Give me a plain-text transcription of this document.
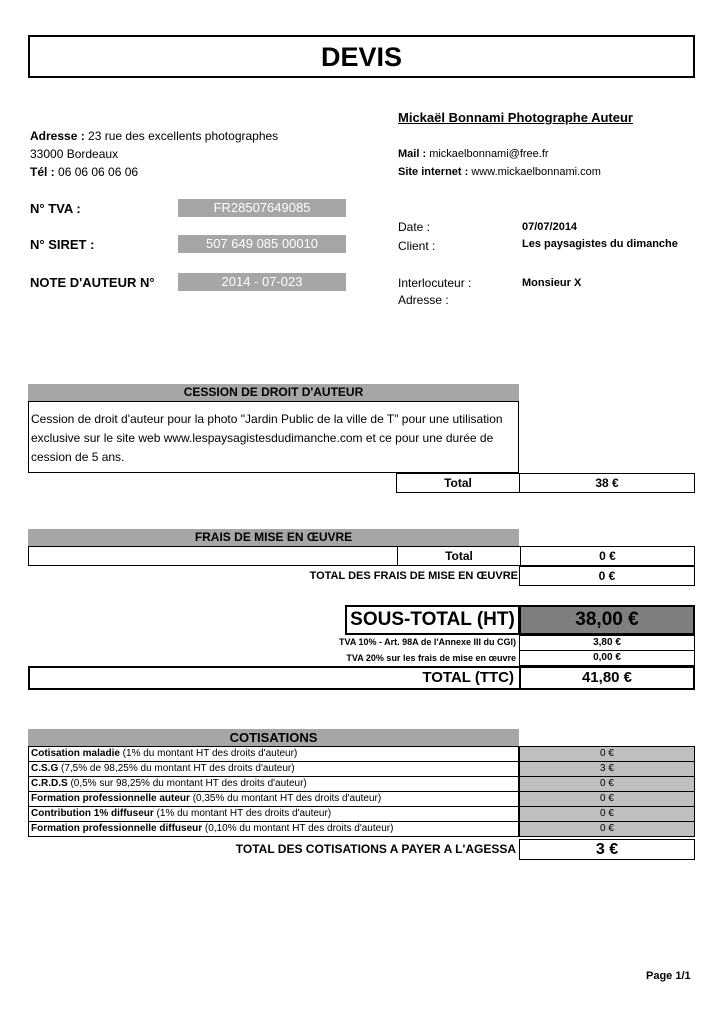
DEVIS
Mickaël Bonnami Photographe Auteur
Mail : mickaelbonnami@free.fr
Site internet : www.mickaelbonnami.com
Adresse : 23 rue des excellents photographes
33000 Bordeaux
Tél : 06 06 06 06 06
N° TVA :	FR28507649085
N° SIRET :	507 649 085 00010
NOTE D'AUTEUR N°	2014 - 07-023
Date :	07/07/2014
Client :	Les paysagistes du dimanche
Interlocuteur :	Monsieur X
Adresse :
CESSION DE DROIT D'AUTEUR
Cession de droit d'auteur pour la photo "Jardin Public de la ville de T" pour une utilisation exclusive sur le site web www.lespaysagistesdudimanche.com et ce pour une durée de cession de 5 ans.
Total	38 €
FRAIS DE MISE EN ŒUVRE
Total	0 €
TOTAL DES FRAIS DE MISE EN ŒUVRE	0 €
SOUS-TOTAL (HT)	38,00 €
TVA 10% - Art. 98A de l'Annexe III du CGI)	3,80 €
TVA 20% sur les frais de mise en œuvre	0,00 €
TOTAL (TTC)	41,80 €
COTISATIONS
Cotisation maladie (1% du montant HT des droits d'auteur)	0 €
C.S.G (7,5% de 98,25% du montant HT des droits d'auteur)	3 €
C.R.D.S (0,5% sur 98,25% du montant HT des droits d'auteur)	0 €
Formation professionnelle auteur (0,35% du montant HT des droits d'auteur)	0 €
Contribution 1% diffuseur (1% du montant HT des droits d'auteur)	0 €
Formation professionnelle diffuseur (0,10% du montant HT des droits d'auteur)	0 €
TOTAL DES COTISATIONS A PAYER A L'AGESSA	3 €
Page 1/1
